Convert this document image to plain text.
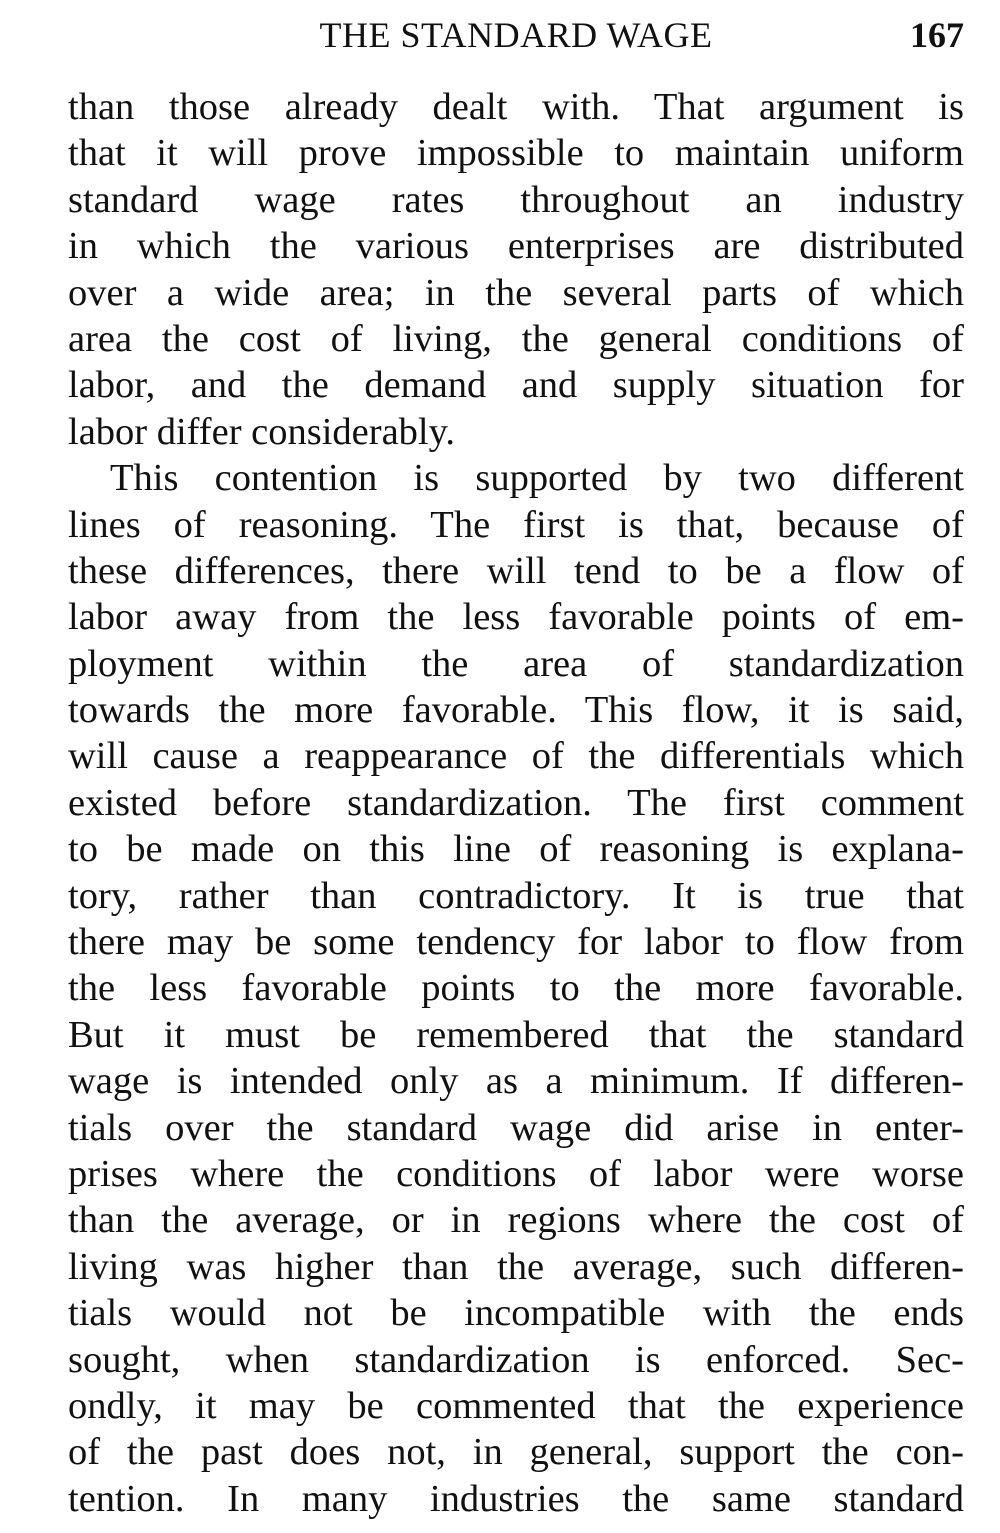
THE STANDARD WAGE	167
than those already dealt with. That argument is
that it will prove impossible to maintain uniform
standard wage rates throughout an industry
in which the various enterprises are distributed
over a wide area; in the several parts of which
area the cost of living, the general conditions of
labor, and the demand and supply situation for
labor differ considerably.
This contention is supported by two different
lines of reasoning. The first is that, because of
these differences, there will tend to be a flow of
labor away from the less favorable points of em-
ployment within the area of standardization
towards the more favorable. This flow, it is said,
will cause a reappearance of the differentials which
existed before standardization. The first comment
to be made on this line of reasoning is explana-
tory, rather than contradictory. It is true that
there may be some tendency for labor to flow from
the less favorable points to the more favorable.
But it must be remembered that the standard
wage is intended only as a minimum. If differen-
tials over the standard wage did arise in enter-
prises where the conditions of labor were worse
than the average, or in regions where the cost of
living was higher than the average, such differen-
tials would not be incompatible with the ends
sought, when standardization is enforced. Sec-
ondly, it may be commented that the experience
of the past does not, in general, support the con-
tention. In many industries the same standard
